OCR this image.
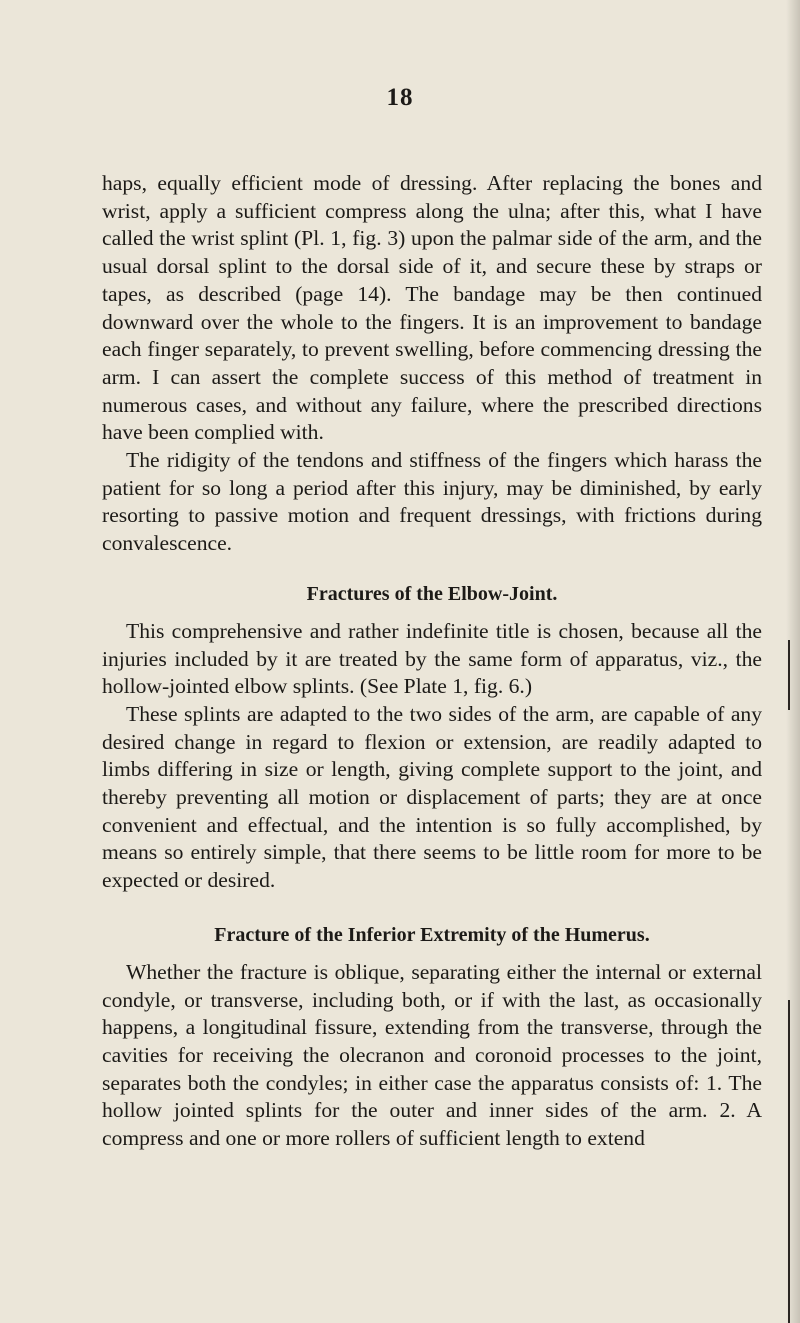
18

haps, equally efficient mode of dressing. After replacing the bones and wrist, apply a sufficient compress along the ulna; after this, what I have called the wrist splint (Pl. 1, fig. 3) upon the palmar side of the arm, and the usual dorsal splint to the dorsal side of it, and secure these by straps or tapes, as described (page 14). The bandage may be then continued downward over the whole to the fingers. It is an improvement to bandage each finger separately, to prevent swelling, before commencing dressing the arm. I can assert the complete success of this method of treatment in numerous cases, and without any failure, where the prescribed directions have been complied with.

The ridigity of the tendons and stiffness of the fingers which harass the patient for so long a period after this injury, may be diminished, by early resorting to passive motion and frequent dressings, with frictions during convalescence.

Fractures of the Elbow-Joint.

This comprehensive and rather indefinite title is chosen, because all the injuries included by it are treated by the same form of apparatus, viz., the hollow-jointed elbow splints. (See Plate 1, fig. 6.)

These splints are adapted to the two sides of the arm, are capable of any desired change in regard to flexion or extension, are readily adapted to limbs differing in size or length, giving complete support to the joint, and thereby preventing all motion or displacement of parts; they are at once convenient and effectual, and the intention is so fully accomplished, by means so entirely simple, that there seems to be little room for more to be expected or desired.

Fracture of the Inferior Extremity of the Humerus.

Whether the fracture is oblique, separating either the internal or external condyle, or transverse, including both, or if with the last, as occasionally happens, a longitudinal fissure, extending from the transverse, through the cavities for receiving the olecranon and coronoid processes to the joint, separates both the condyles; in either case the apparatus consists of: 1. The hollow jointed splints for the outer and inner sides of the arm. 2. A compress and one or more rollers of sufficient length to extend
